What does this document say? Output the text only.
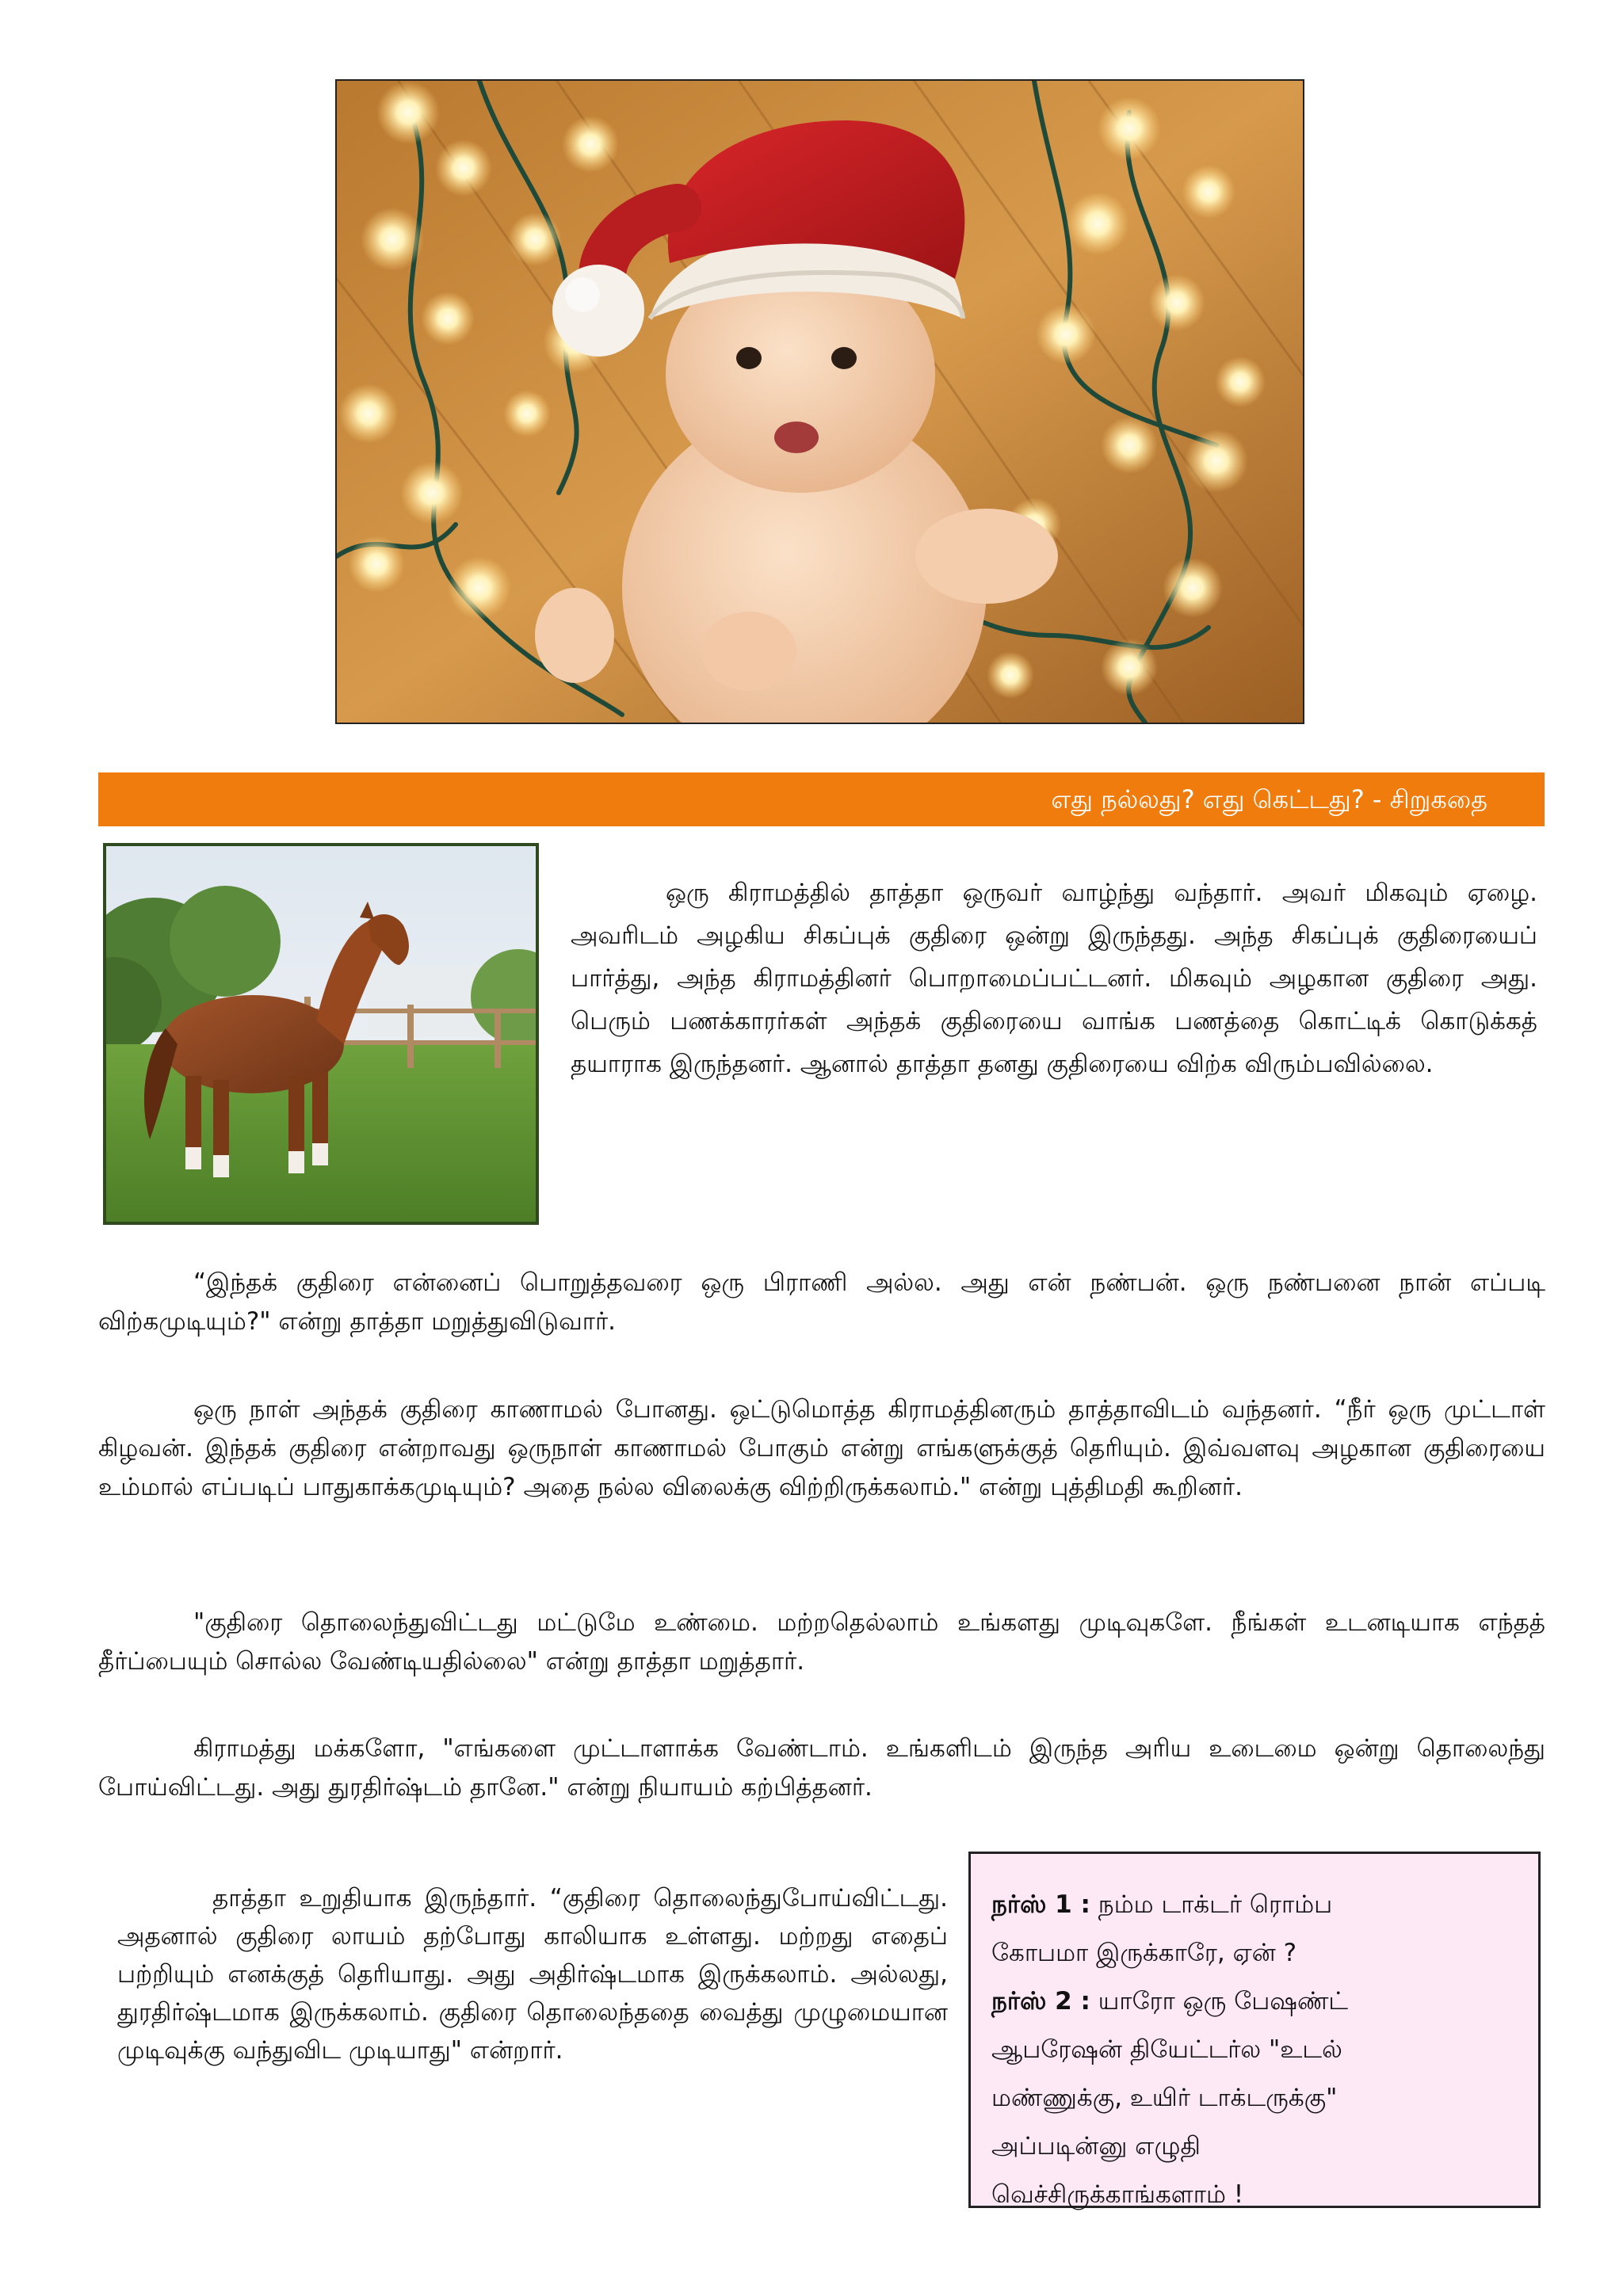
எது நல்லது? எது கெட்டது? - சிறுகதை
ஒரு கிராமத்தில் தாத்தா ஒருவர் வாழ்ந்து வந்தார். அவர் மிகவும் ஏழை. அவரிடம் அழகிய சிகப்புக் குதிரை ஒன்று இருந்தது. அந்த சிகப்புக் குதிரையைப் பார்த்து, அந்த கிராமத்தினர் பொறாமைப்பட்டனர். மிகவும் அழகான குதிரை அது. பெரும் பணக்காரர்கள் அந்தக் குதிரையை வாங்க பணத்தை கொட்டிக் கொடுக்கத் தயாராக இருந்தனர். ஆனால் தாத்தா தனது குதிரையை விற்க விரும்பவில்லை.
“இந்தக் குதிரை என்னைப் பொறுத்தவரை ஒரு பிராணி அல்ல. அது என் நண்பன். ஒரு நண்பனை நான் எப்படி விற்கமுடியும்?" என்று தாத்தா மறுத்துவிடுவார்.
ஒரு நாள் அந்தக் குதிரை காணாமல் போனது. ஒட்டுமொத்த கிராமத்தினரும் தாத்தாவிடம் வந்தனர். “நீர் ஒரு முட்டாள் கிழவன். இந்தக் குதிரை என்றாவது ஒருநாள் காணாமல் போகும் என்று எங்களுக்குத் தெரியும். இவ்வளவு அழகான குதிரையை உம்மால் எப்படிப் பாதுகாக்கமுடியும்? அதை நல்ல விலைக்கு விற்றிருக்கலாம்." என்று புத்திமதி கூறினர்.
"குதிரை தொலைந்துவிட்டது மட்டுமே உண்மை. மற்றதெல்லாம் உங்களது முடிவுகளே. நீங்கள் உடனடியாக எந்தத் தீர்ப்பையும் சொல்ல வேண்டியதில்லை" என்று தாத்தா மறுத்தார்.
கிராமத்து மக்களோ, "எங்களை முட்டாளாக்க வேண்டாம். உங்களிடம் இருந்த அரிய உடைமை ஒன்று தொலைந்து போய்விட்டது. அது துரதிர்ஷ்டம் தானே." என்று நியாயம் கற்பித்தனர்.
தாத்தா உறுதியாக இருந்தார். “குதிரை தொலைந்துபோய்விட்டது. அதனால் குதிரை லாயம் தற்போது காலியாக உள்ளது. மற்றது எதைப் பற்றியும் எனக்குத் தெரியாது. அது அதிர்ஷ்டமாக இருக்கலாம். அல்லது, துரதிர்ஷ்டமாக இருக்கலாம். குதிரை தொலைந்ததை வைத்து முழுமையான முடிவுக்கு வந்துவிட முடியாது" என்றார்.
நர்ஸ் 1 : நம்ம டாக்டர் ரொம்ப
கோபமா இருக்காரே, ஏன் ?
நர்ஸ் 2 : யாரோ ஒரு பேஷண்ட்
ஆபரேஷன் தியேட்டர்ல "உடல்
மண்ணுக்கு, உயிர் டாக்டருக்கு"
அப்படின்னு எழுதி
வெச்சிருக்காங்களாம் !
